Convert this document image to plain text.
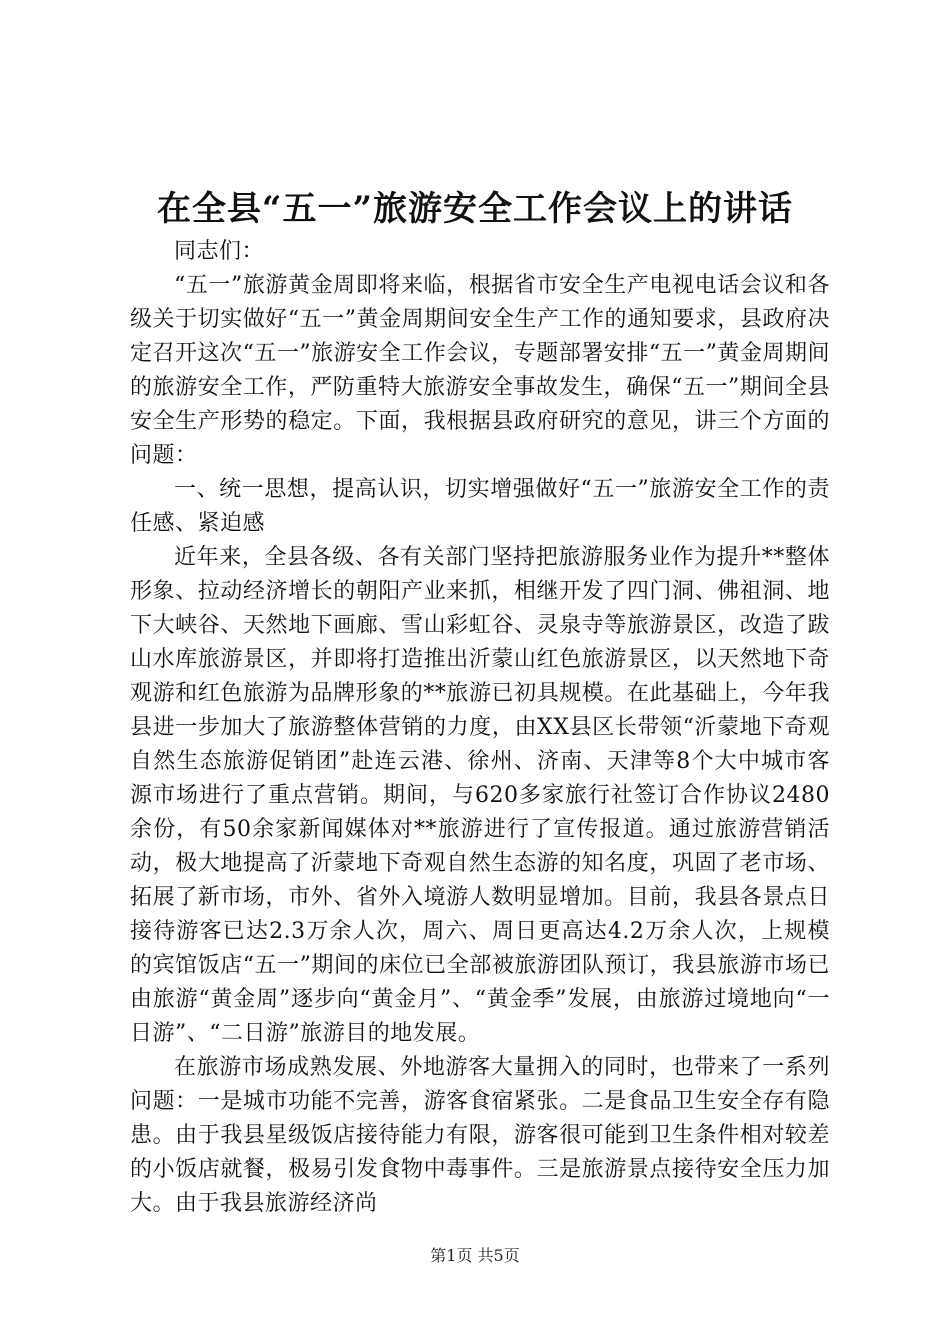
在全县“五一”旅游安全工作会议上的讲话

同志们：

“五一”旅游黄金周即将来临，根据省市安全生产电视电话会议和各级关于切实做好“五一”黄金周期间安全生产工作的通知要求，县政府决定召开这次“五一”旅游安全工作会议，专题部署安排“五一”黄金周期间的旅游安全工作，严防重特大旅游安全事故发生，确保“五一”期间全县安全生产形势的稳定。下面，我根据县政府研究的意见，讲三个方面的问题：

一、统一思想，提高认识，切实增强做好“五一”旅游安全工作的责任感、紧迫感

近年来，全县各级、各有关部门坚持把旅游服务业作为提升**整体形象、拉动经济增长的朝阳产业来抓，相继开发了四门洞、佛祖洞、地下大峡谷、天然地下画廊、雪山彩虹谷、灵泉寺等旅游景区，改造了跋山水库旅游景区，并即将打造推出沂蒙山红色旅游景区，以天然地下奇观游和红色旅游为品牌形象的**旅游已初具规模。在此基础上，今年我县进一步加大了旅游整体营销的力度，由XX县区长带领“沂蒙地下奇观自然生态旅游促销团”赴连云港、徐州、济南、天津等8个大中城市客源市场进行了重点营销。期间，与620多家旅行社签订合作协议2480余份，有50余家新闻媒体对**旅游进行了宣传报道。通过旅游营销活动，极大地提高了沂蒙地下奇观自然生态游的知名度，巩固了老市场、拓展了新市场，市外、省外入境游人数明显增加。目前，我县各景点日接待游客已达2.3万余人次，周六、周日更高达4.2万余人次，上规模的宾馆饭店“五一”期间的床位已全部被旅游团队预订，我县旅游市场已由旅游“黄金周”逐步向“黄金月”、“黄金季”发展，由旅游过境地向“一日游”、“二日游”旅游目的地发展。

在旅游市场成熟发展、外地游客大量拥入的同时，也带来了一系列问题：一是城市功能不完善，游客食宿紧张。二是食品卫生安全存有隐患。由于我县星级饭店接待能力有限，游客很可能到卫生条件相对较差的小饭店就餐，极易引发食物中毒事件。三是旅游景点接待安全压力加大。由于我县旅游经济尚

第1页 共5页
